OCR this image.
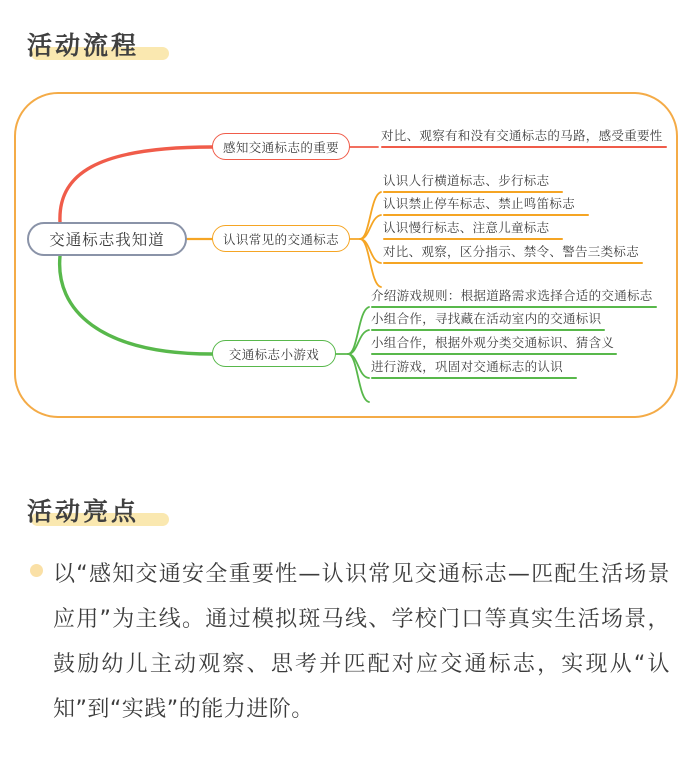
活动流程
交通标志我知道
感知交通标志的重要
认识常见的交通标志
交通标志小游戏
对比、观察有和没有交通标志的马路，感受重要性
认识人行横道标志、步行标志
认识禁止停车标志、禁止鸣笛标志
认识慢行标志、注意儿童标志
对比、观察，区分指示、禁令、警告三类标志
介绍游戏规则：根据道路需求选择合适的交通标志
小组合作，寻找藏在活动室内的交通标识
小组合作，根据外观分类交通标识、猜含义
进行游戏，巩固对交通标志的认识
活动亮点
以“感知交通安全重要性—认识常见交通标志—匹配生活场景应用”为主线。通过模拟斑马线、学校门口等真实生活场景，鼓励幼儿主动观察、思考并匹配对应交通标志，实现从“认知”到“实践”的能力进阶。
